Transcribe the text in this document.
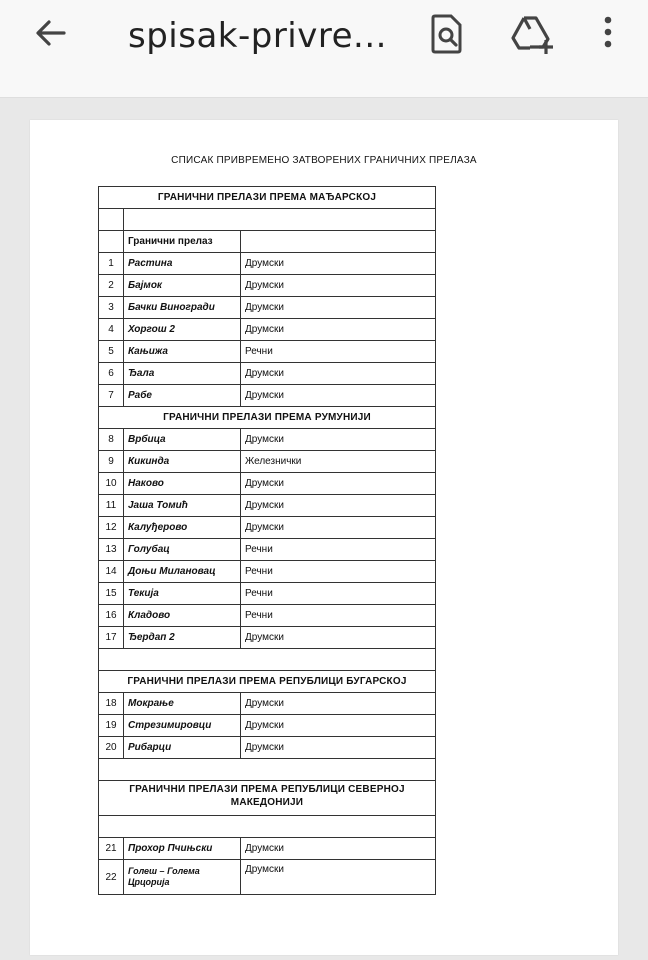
spisak-privre...
СПИСАК ПРИВРЕМЕНО ЗАТВОРЕНИХ ГРАНИЧНИХ ПРЕЛАЗА
ГРАНИЧНИ ПРЕЛАЗИ ПРЕМА МАЂАРСКОЈ		

	Гранични прелаз	
1	Растина	Друмски
2	Бајмок	Друмски
3	Бачки Виногради	Друмски
4	Хоргош 2	Друмски
5	Кањижа	Речни
6	Ђала	Друмски
7	Рабе	Друмски
ГРАНИЧНИ ПРЕЛАЗИ ПРЕМА РУМУНИЈИ		
8	Врбица	Друмски
9	Кикинда	Железнички
10	Наково	Друмски
11	Јаша Томић	Друмски
12	Калуђерово	Друмски
13	Голубац	Речни
14	Доњи Милановац	Речни
15	Текија	Речни
16	Кладово	Речни
17	Ђердап 2	Друмски

ГРАНИЧНИ ПРЕЛАЗИ ПРЕМА РЕПУБЛИЦИ БУГАРСКОЈ		
18	Мокрање	Друмски
19	Стрезимировци	Друмски
20	Рибарци	Друмски

ГРАНИЧНИ ПРЕЛАЗИ ПРЕМА РЕПУБЛИЦИ СЕВЕРНОЈ МАКЕДОНИЈИ		

21	Прохор Пчињски	Друмски
22	Голеш – Голема Црцорија	Друмски
